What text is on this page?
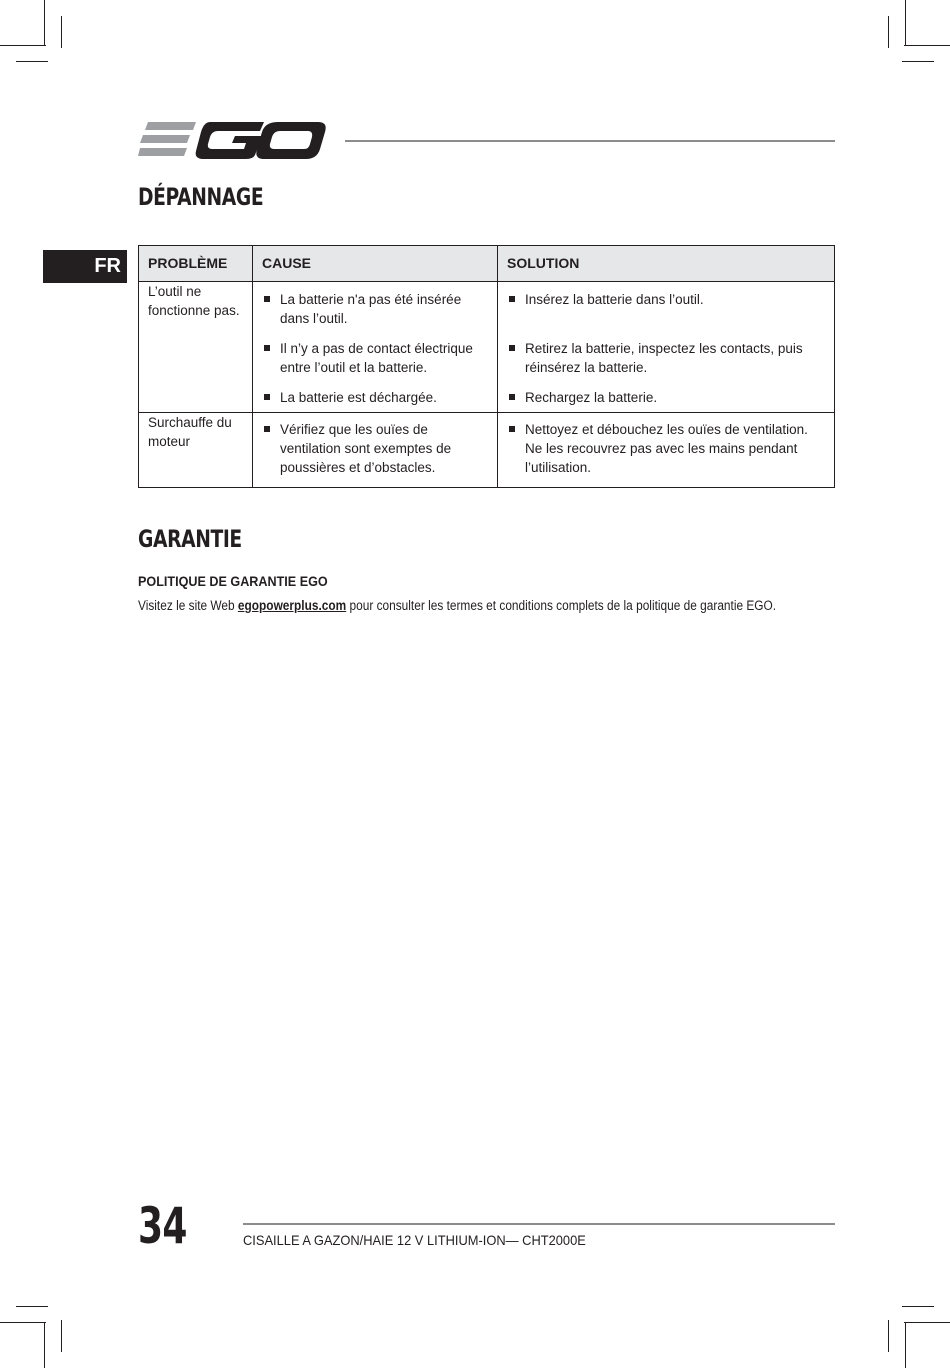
DÉPANNAGE
FR	PROBLÈME	CAUSE	SOLUTION
L’outil ne fonctionne pas.	La batterie n'a pas été insérée dans l’outil.	Insérez la batterie dans l’outil.

	Il n’y a pas de contact électrique entre l’outil et la batterie.	Retirez la batterie, inspectez les contacts, puis réinsérez la batterie.

	La batterie est déchargée.	Rechargez la batterie.

Surchauffe du moteur	Vérifiez que les ouïes de ventilation sont exemptes de poussières et d’obstacles.	Nettoyez et débouchez les ouïes de ventilation. Ne les recouvrez pas avec les mains pendant l’utilisation.
GARANTIE
POLITIQUE DE GARANTIE EGO

Visitez le site Web egopowerplus.com pour consulter les termes et conditions complets de la politique de garantie EGO.

34	CISAILLE A GAZON/HAIE 12 V LITHIUM-ION— CHT2000E
